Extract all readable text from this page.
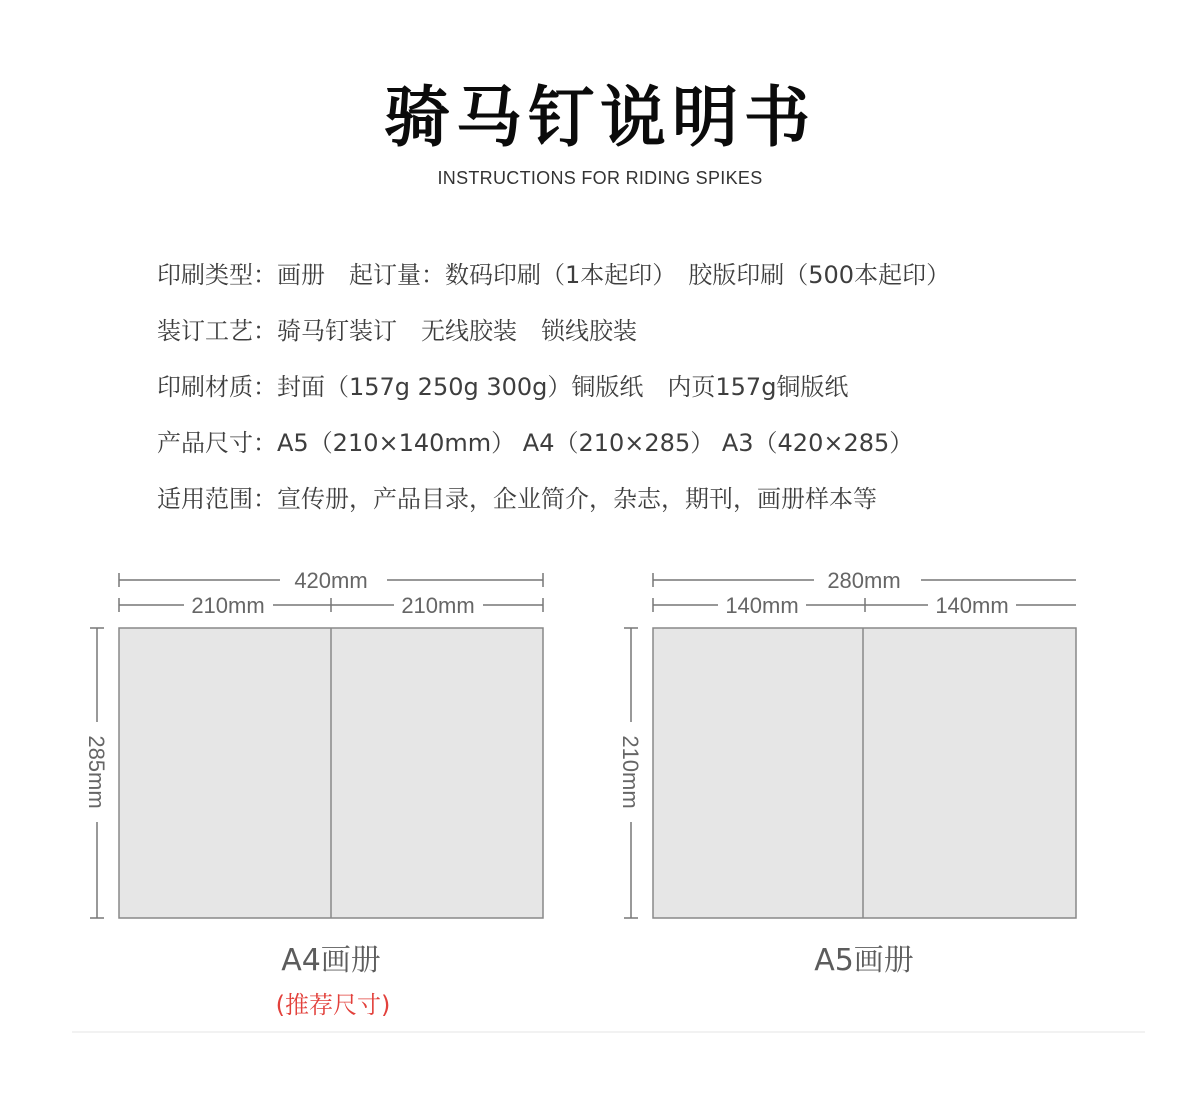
骑马钉说明书
INSTRUCTIONS FOR RIDING SPIKES
印刷类型：画册　起订量：数码印刷（1本起印）　胶版印刷（500本起印）
装订工艺：骑马钉装订　无线胶装　锁线胶装
印刷材质：封面（157g 250g 300g）铜版纸　内页157g铜版纸
产品尺寸：A5（210×140mm） A4（210×285） A3（420×285）
适用范围：宣传册，产品目录，企业简介，杂志，期刊，画册样本等
420mm
210mm	210mm
285mm
A4画册
(推荐尺寸)
280mm
140mm	140mm
210mm
A5画册
